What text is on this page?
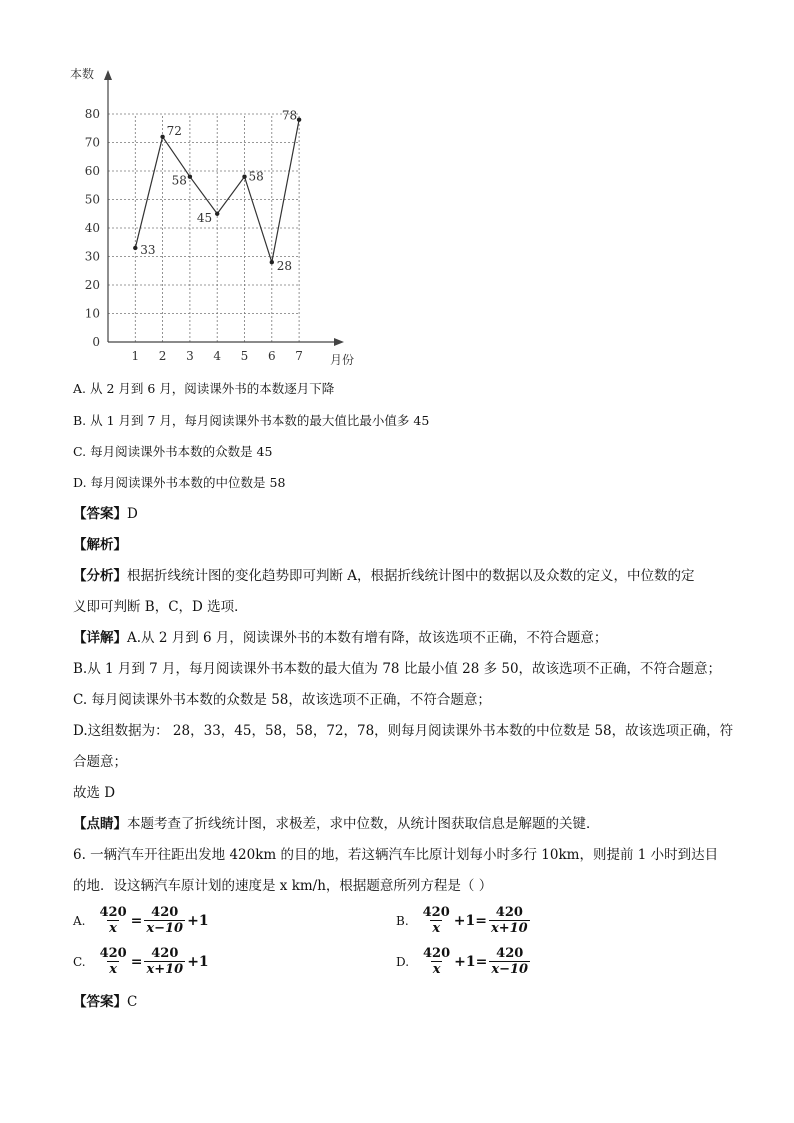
0
10
20
30
40
50
60
70
80
1 2 3 4 5 6 7
33
72
58
45
58
28
78
本数
月份
A. 从 2 月到 6 月，阅读课外书的本数逐月下降
B. 从 1 月到 7 月，每月阅读课外书本数的最大值比最小值多 45
C. 每月阅读课外书本数的众数是 45
D. 每月阅读课外书本数的中位数是 58
【答案】D
【解析】
【分析】根据折线统计图的变化趋势即可判断 A，根据折线统计图中的数据以及众数的定义，中位数的定
义即可判断 B，C，D 选项．
【详解】A.从 2 月到 6 月，阅读课外书的本数有增有降，故该选项不正确，不符合题意；
B.从 1 月到 7 月，每月阅读课外书本数的最大值为 78 比最小值 28 多 50，故该选项不正确，不符合题意；
C. 每月阅读课外书本数的众数是 58，故该选项不正确，不符合题意；
D.这组数据为： 28，33，45，58，58，72，78，则每月阅读课外书本数的中位数是 58，故该选项正确，符
合题意；
故选 D
【点睛】本题考查了折线统计图，求极差，求中位数，从统计图获取信息是解题的关键．
6. 一辆汽车开往距出发地 420km 的目的地，若这辆汽车比原计划每小时多行 10km，则提前 1 小时到达目
的地．设这辆汽车原计划的速度是 x km/h，根据题意所列方程是（ ）
A. $\frac{420}{x} = \frac{420}{x-10} +1$	B. $\frac{420}{x} +1= \frac{420}{x+10}$
C. $\frac{420}{x} = \frac{420}{x+10} +1$	D. $\frac{420}{x} +1= \frac{420}{x-10}$
【答案】C
